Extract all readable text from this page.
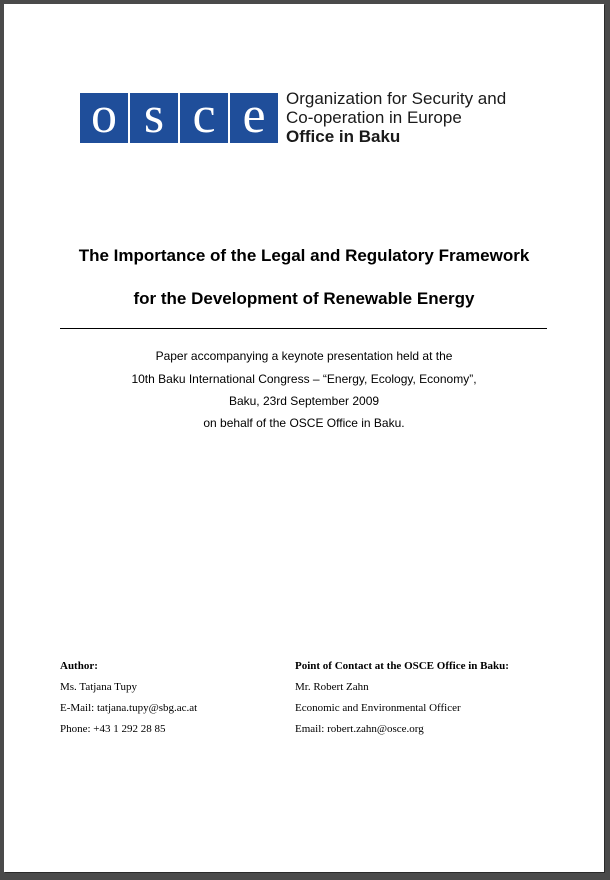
o s c e	Organization for Security and
Co-operation in Europe
Office in Baku
The Importance of the Legal and Regulatory Framework
for the Development of Renewable Energy
Paper accompanying a keynote presentation held at the
10th Baku International Congress – “Energy, Ecology, Economy”,
Baku, 23rd September 2009
on behalf of the OSCE Office in Baku.
Author:
Ms. Tatjana Tupy
E-Mail: tatjana.tupy@sbg.ac.at
Phone: +43 1 292 28 85
Point of Contact at the OSCE Office in Baku:
Mr. Robert Zahn
Economic and Environmental Officer
Email: robert.zahn@osce.org
